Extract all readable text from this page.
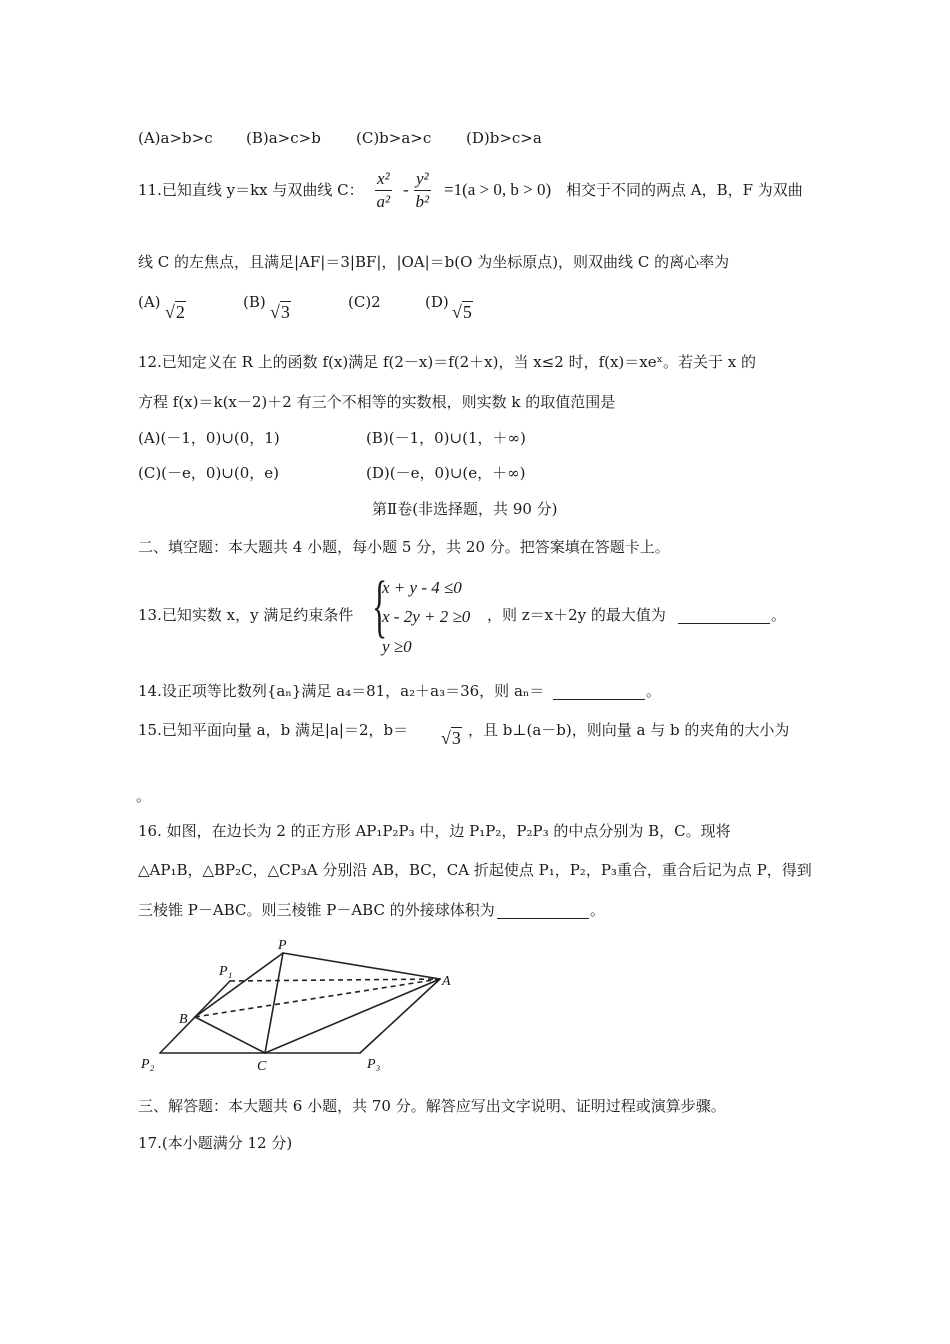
(A)a>b>c (B)a>c>b (C)b>a>c (D)b>c>a
11.已知直线 y＝kx 与双曲线 C： $\frac{\text{x²}}{\text{a²}} - \frac{\text{y²}}{\text{b²}} =1(a > 0$, b > 0) 相交于不同的两点 A，B，F 为双曲
线 C 的左焦点，且满足|AF|＝3|BF|，|OA|＝b(O 为坐标原点)，则双曲线 C 的离心率为
(A) √2	(B) √3	(C)2	(D) √5
12.已知定义在 R 上的函数 f(x)满足 f(2－x)＝f(2＋x)，当 x≤2 时，f(x)＝xeˣ。若关于 x 的
方程 f(x)＝k(x－2)＋2 有三个不相等的实数根，则实数 k 的取值范围是
(A)(－1，0)∪(0，1)	(B)(－1，0)∪(1，＋∞)
(C)(－e，0)∪(0，e)	(D)(－e，0)∪(e，＋∞)
第Ⅱ卷(非选择题，共 90 分)
二、填空题：本大题共 4 小题，每小题 5 分，共 20 分。把答案填在答题卡上。
13.已知实数 x，y 满足约束条件 {
x + y - 4 ≤0
x - 2y + 2 ≥0
y ≥0
，则 z＝x＋2y 的最大值为	。
14.设正项等比数列{aₙ}满足 a₄＝81，a₂＋a₃＝36，则 aₙ＝	。
15.已知平面向量 a，b 满足|a|＝2，b＝ √3 ，且 b⊥(a－b)，则向量 a 与 b 的夹角的大小为
。
16. 如图，在边长为 2 的正方形 AP₁P₂P₃ 中，边 P₁P₂，P₂P₃ 的中点分别为 B，C。现将
△AP₁B，△BP₂C，△CP₃A 分别沿 AB，BC，CA 折起使点 P₁，P₂，P₃重合，重合后记为点 P，得到
三棱锥 P－ABC。则三棱锥 P－ABC 的外接球体积为	。
P
P₁
A
B
P₂	C	P₃
三、解答题：本大题共 6 小题，共 70 分。解答应写出文字说明、证明过程或演算步骤。
17.(本小题满分 12 分)
